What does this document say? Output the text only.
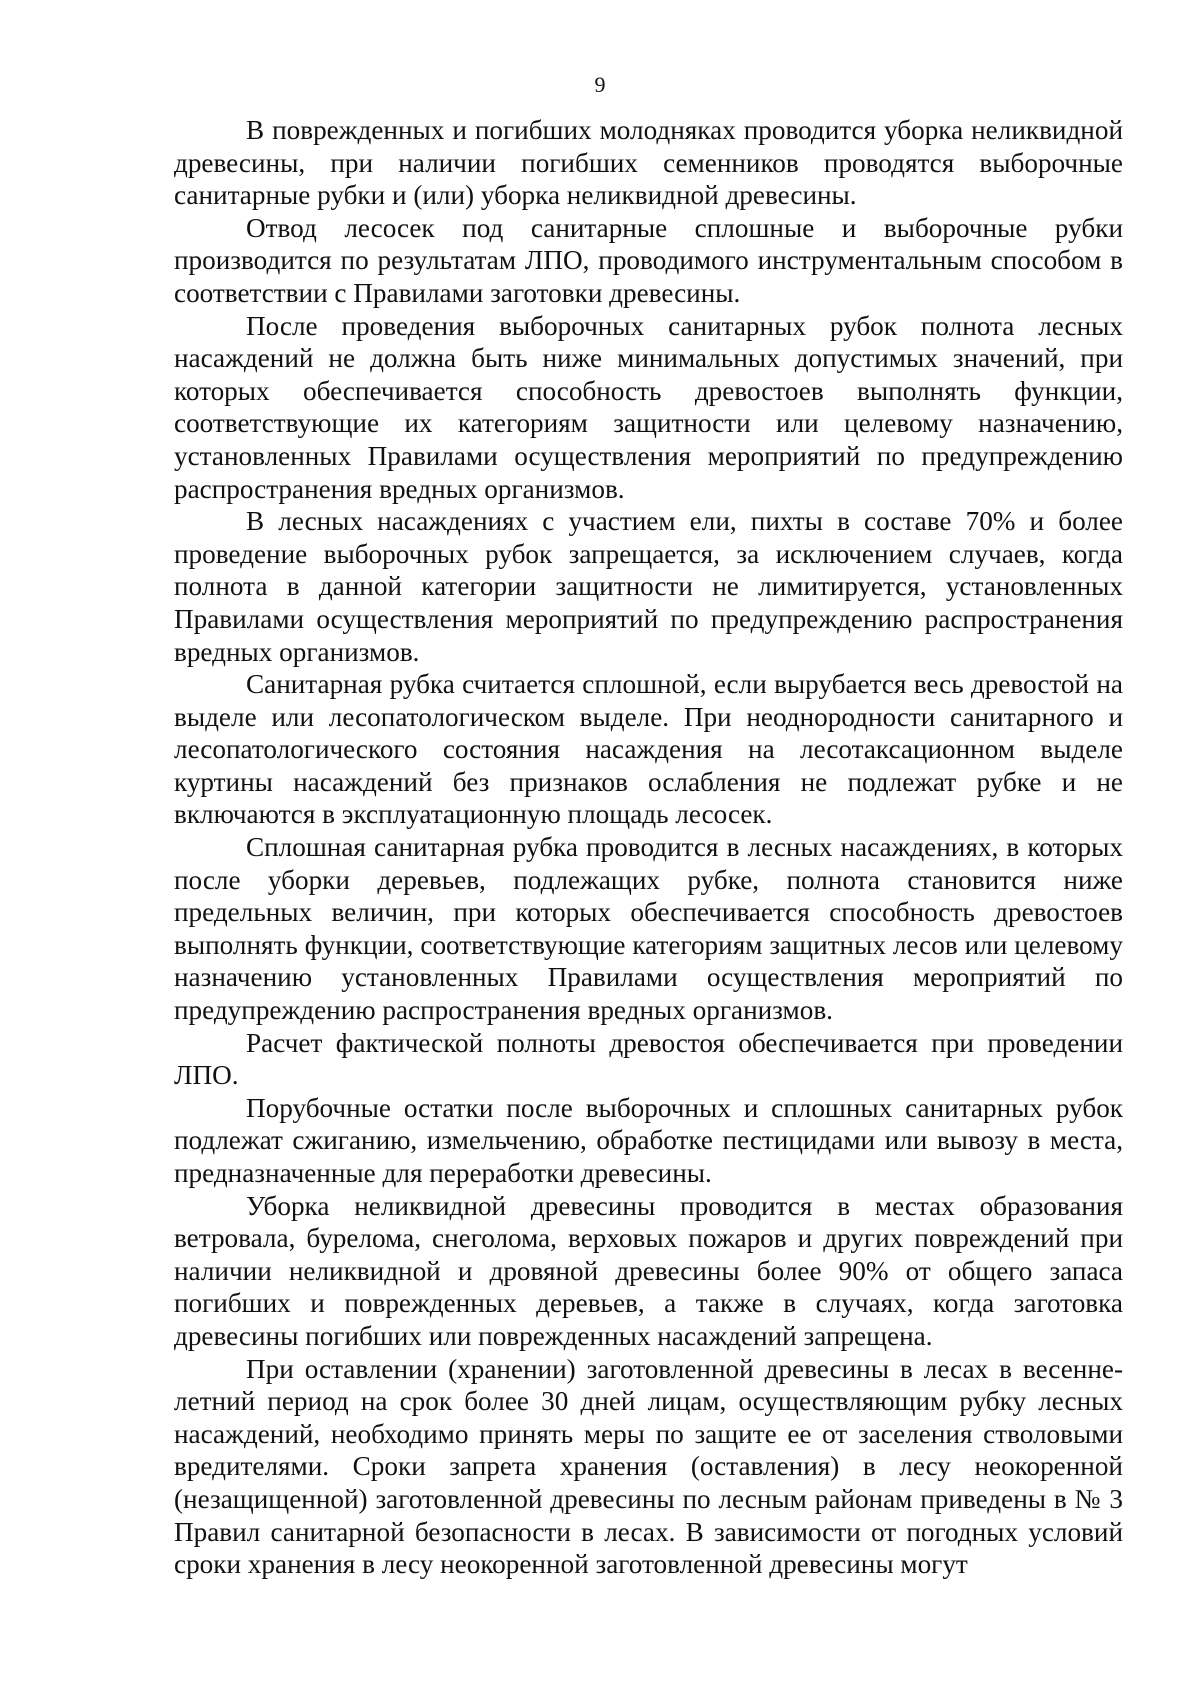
9

В поврежденных и погибших молодняках проводится уборка неликвидной древесины, при наличии погибших семенников проводятся выборочные санитарные рубки и (или) уборка неликвидной древесины.

Отвод лесосек под санитарные сплошные и выборочные рубки производится по результатам ЛПО, проводимого инструментальным способом в соответствии с Правилами заготовки древесины.

После проведения выборочных санитарных рубок полнота лесных насаждений не должна быть ниже минимальных допустимых значений, при которых обеспечивается способность древостоев выполнять функции, соответствующие их категориям защитности или целевому назначению, установленных Правилами осуществления мероприятий по предупреждению распространения вредных организмов.

В лесных насаждениях с участием ели, пихты в составе 70% и более проведение выборочных рубок запрещается, за исключением случаев, когда полнота в данной категории защитности не лимитируется, установленных Правилами осуществления мероприятий по предупреждению распространения вредных организмов.

Санитарная рубка считается сплошной, если вырубается весь древостой на выделе или лесопатологическом выделе. При неоднородности санитарного и лесопатологического состояния насаждения на лесотаксационном выделе куртины насаждений без признаков ослабления не подлежат рубке и не включаются в эксплуатационную площадь лесосек.

Сплошная санитарная рубка проводится в лесных насаждениях, в которых после уборки деревьев, подлежащих рубке, полнота становится ниже предельных величин, при которых обеспечивается способность древостоев выполнять функции, соответствующие категориям защитных лесов или целевому назначению установленных Правилами осуществления мероприятий по предупреждению распространения вредных организмов.

Расчет фактической полноты древостоя обеспечивается при проведении ЛПО.

Порубочные остатки после выборочных и сплошных санитарных рубок подлежат сжиганию, измельчению, обработке пестицидами или вывозу в места, предназначенные для переработки древесины.

Уборка неликвидной древесины проводится в местах образования ветровала, бурелома, снеголома, верховых пожаров и других повреждений при наличии неликвидной и дровяной древесины более 90% от общего запаса погибших и поврежденных деревьев, а также в случаях, когда заготовка древесины погибших или поврежденных насаждений запрещена.

При оставлении (хранении) заготовленной древесины в лесах в весенне-летний период на срок более 30 дней лицам, осуществляющим рубку лесных насаждений, необходимо принять меры по защите ее от заселения стволовыми вредителями. Сроки запрета хранения (оставления) в лесу неокоренной (незащищенной) заготовленной древесины по лесным районам приведены в № 3 Правил санитарной безопасности в лесах. В зависимости от погодных условий сроки хранения в лесу неокоренной заготовленной древесины могут
